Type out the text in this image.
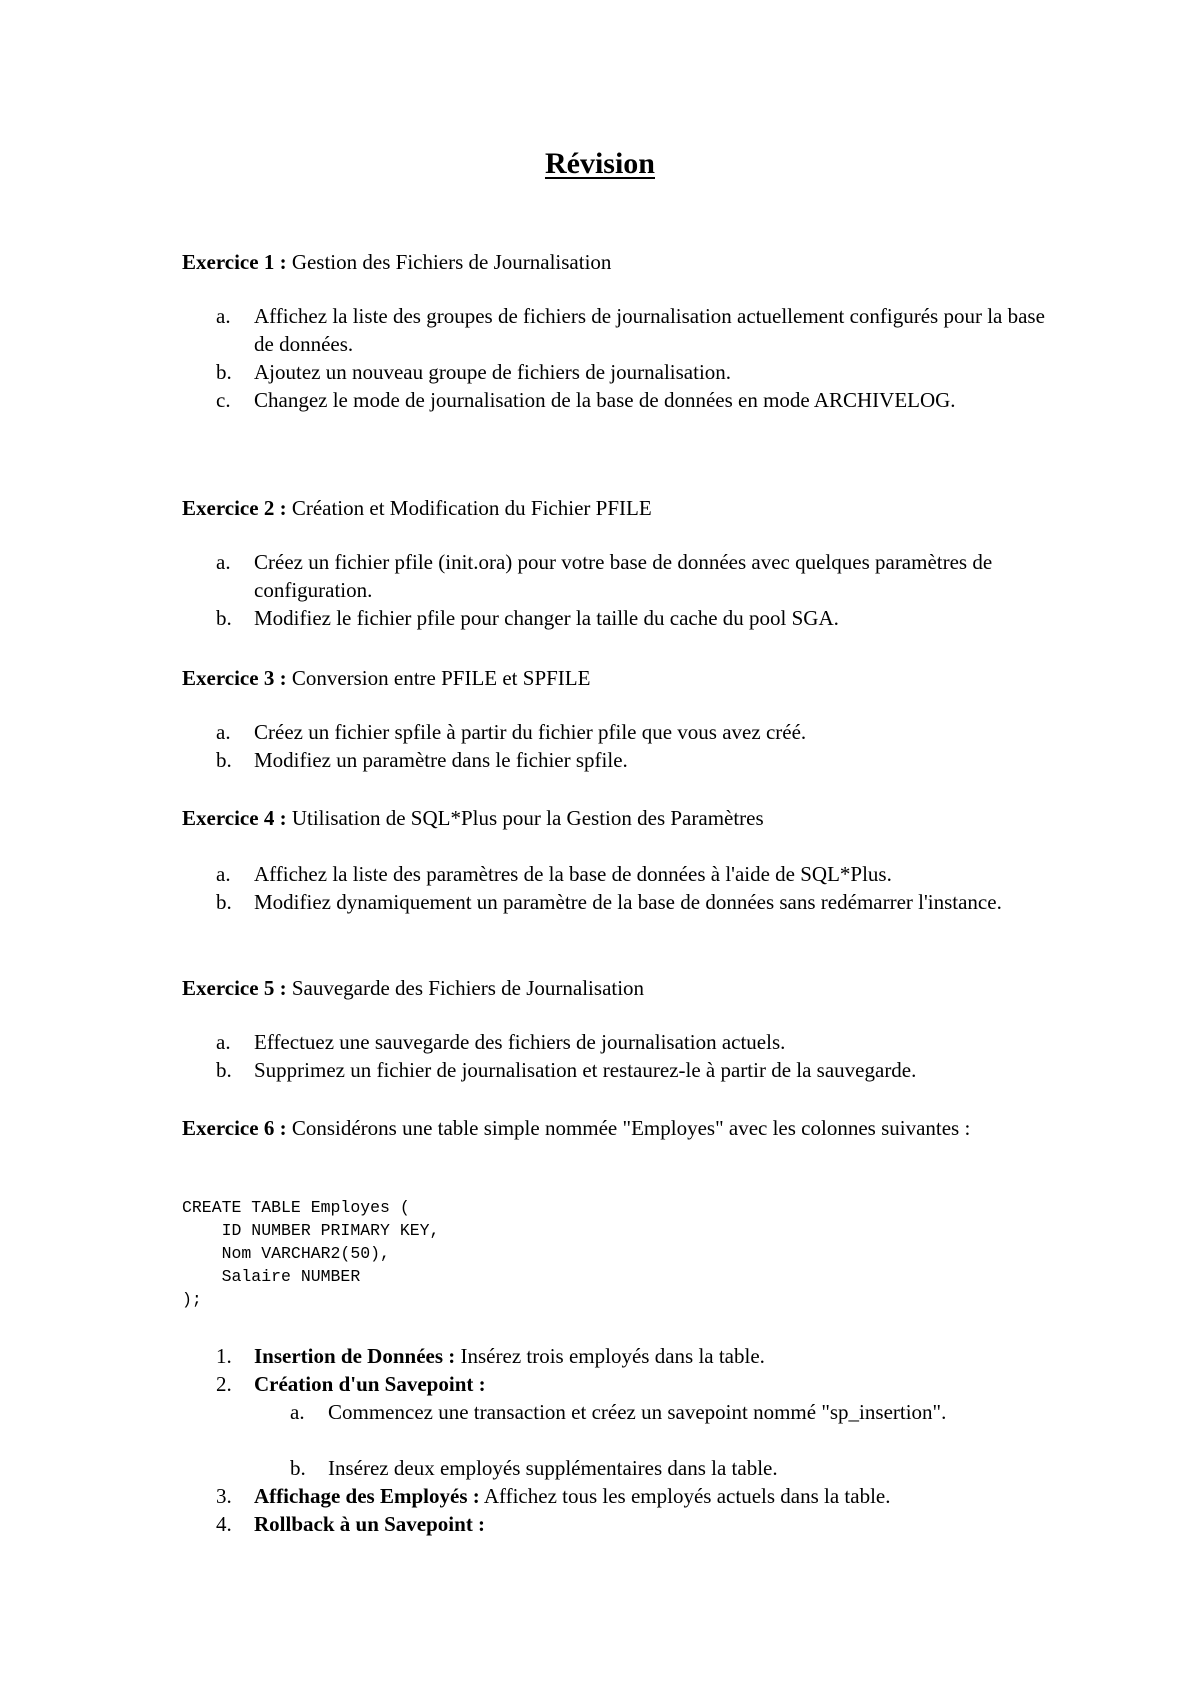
Révision
Exercice 1 : Gestion des Fichiers de Journalisation
a.	Affichez la liste des groupes de fichiers de journalisation actuellement configurés pour la base de données.
b.	Ajoutez un nouveau groupe de fichiers de journalisation.
c.	Changez le mode de journalisation de la base de données en mode ARCHIVELOG.
Exercice 2 : Création et Modification du Fichier PFILE
a.	Créez un fichier pfile (init.ora) pour votre base de données avec quelques paramètres de configuration.
b.	Modifiez le fichier pfile pour changer la taille du cache du pool SGA.
Exercice 3 : Conversion entre PFILE et SPFILE
a.	Créez un fichier spfile à partir du fichier pfile que vous avez créé.
b.	Modifiez un paramètre dans le fichier spfile.
Exercice 4 : Utilisation de SQL*Plus pour la Gestion des Paramètres
a.	Affichez la liste des paramètres de la base de données à l'aide de SQL*Plus.
b.	Modifiez dynamiquement un paramètre de la base de données sans redémarrer l'instance.
Exercice 5 : Sauvegarde des Fichiers de Journalisation
a.	Effectuez une sauvegarde des fichiers de journalisation actuels.
b.	Supprimez un fichier de journalisation et restaurez-le à partir de la sauvegarde.
Exercice 6 : Considérons une table simple nommée "Employes" avec les colonnes suivantes :
CREATE TABLE Employes (
ID NUMBER PRIMARY KEY,
Nom VARCHAR2(50),
Salaire NUMBER
);
1.	Insertion de Données : Insérez trois employés dans la table.
2.	Création d'un Savepoint :
a.	Commencez une transaction et créez un savepoint nommé "sp_insertion".
b.	Insérez deux employés supplémentaires dans la table.
3.	Affichage des Employés : Affichez tous les employés actuels dans la table.
4.	Rollback à un Savepoint :
